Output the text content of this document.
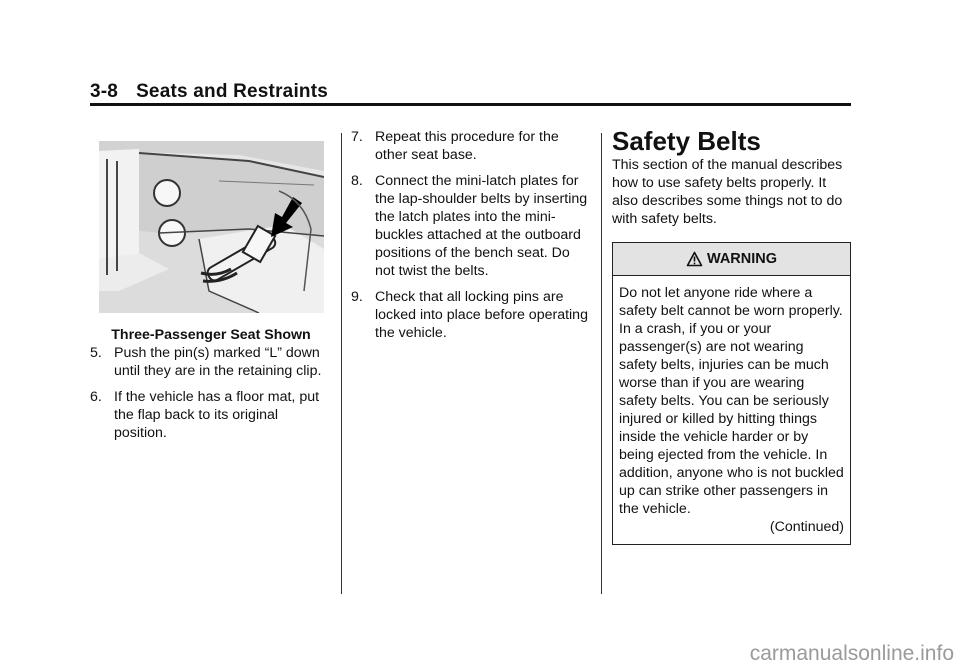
3-8 Seats and Restraints

Three-Passenger Seat Shown

5. Push the pin(s) marked “L” down until they are in the retaining clip.
6. If the vehicle has a floor mat, put the flap back to its original position.
7. Repeat this procedure for the other seat base.
8. Connect the mini-latch plates for the lap-shoulder belts by inserting the latch plates into the mini-buckles attached at the outboard positions of the bench seat. Do not twist the belts.
9. Check that all locking pins are locked into place before operating the vehicle.

Safety Belts

This section of the manual describes how to use safety belts properly. It also describes some things not to do with safety belts.

WARNING

Do not let anyone ride where a safety belt cannot be worn properly. In a crash, if you or your passenger(s) are not wearing safety belts, injuries can be much worse than if you are wearing safety belts. You can be seriously injured or killed by hitting things inside the vehicle harder or by being ejected from the vehicle. In addition, anyone who is not buckled up can strike other passengers in the vehicle.

(Continued)

carmanualsonline.info
